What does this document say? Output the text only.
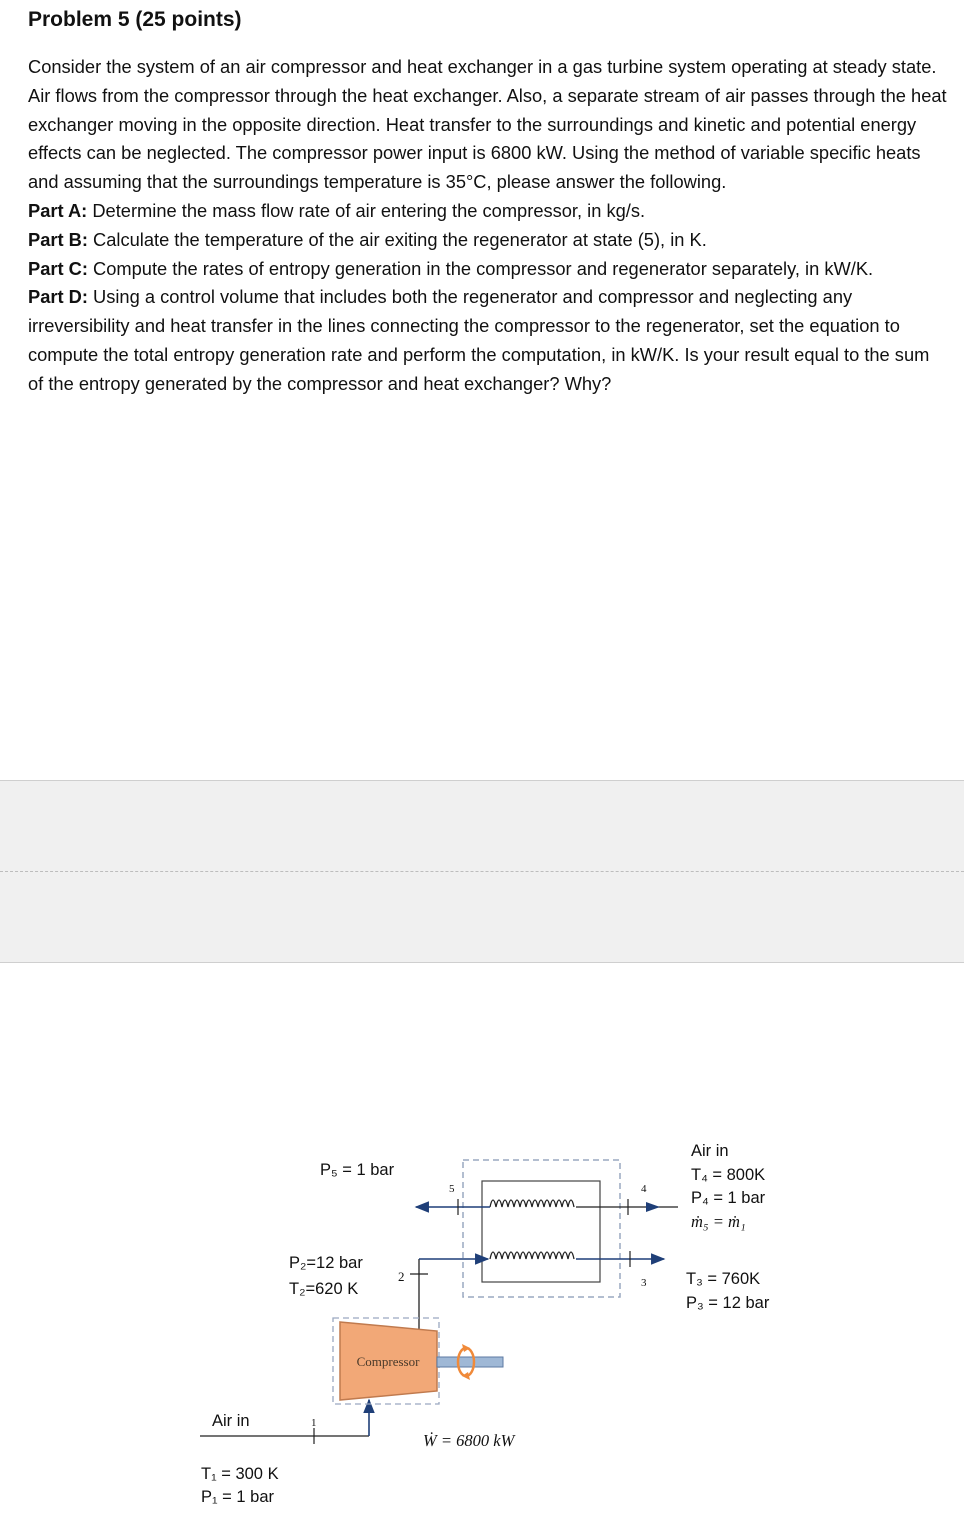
Problem 5 (25 points)

Consider the system of an air compressor and heat exchanger in a gas turbine system operating at steady state. Air flows from the compressor through the heat exchanger. Also, a separate stream of air passes through the heat exchanger moving in the opposite direction. Heat transfer to the surroundings and kinetic and potential energy effects can be neglected. The compressor power input is 6800 kW. Using the method of variable specific heats and assuming that the surroundings temperature is 35°C, please answer the following.

Part A: Determine the mass flow rate of air entering the compressor, in kg/s.

Part B: Calculate the temperature of the air exiting the regenerator at state (5), in K.

Part C: Compute the rates of entropy generation in the compressor and regenerator separately, in kW/K.

Part D: Using a control volume that includes both the regenerator and compressor and neglecting any irreversibility and heat transfer in the lines connecting the compressor to the regenerator, set the equation to compute the total entropy generation rate and perform the computation, in kW/K. Is your result equal to the sum of the entropy generated by the compressor and heat exchanger? Why?

Compressor
5	4
2	3
1
P₅ = 1 bar
P₂=12 bar
T₂=620 K
Air in
T₄ = 800K
P₄ = 1 bar
ṁ₅ = ṁ₁
T₃ = 760K
P₃ = 12 bar
Air in
T₁ = 300 K
P₁ = 1 bar
Ẇ = 6800 kW
